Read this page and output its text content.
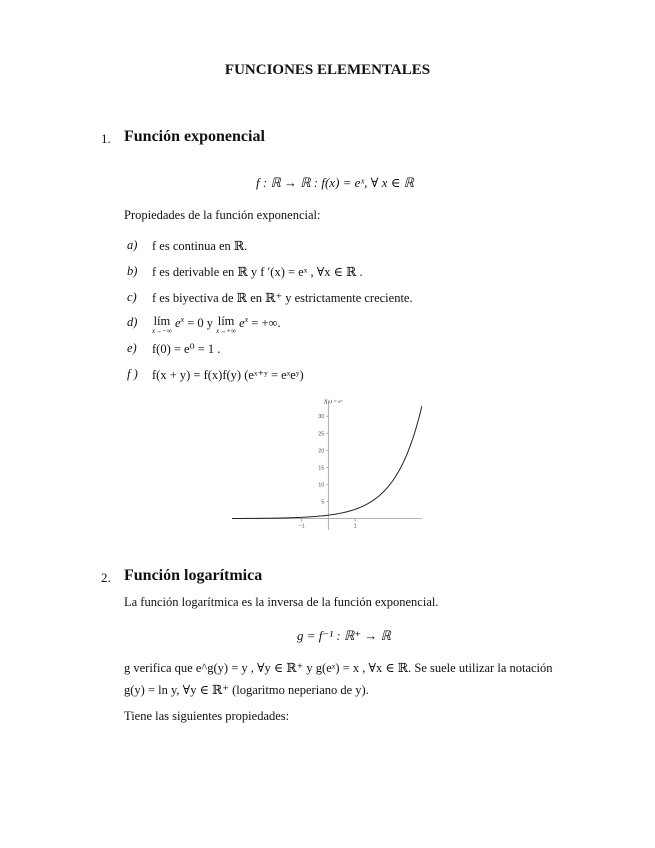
FUNCIONES ELEMENTALES
1. Función exponencial
f : ℝ → ℝ : f(x) = eˣ, ∀ x ∈ ℝ
Propiedades de la función exponencial:
a) f es continua en ℝ.
b) f es derivable en ℝ y f ′(x) = eˣ , ∀x ∈ ℝ .
c) f es biyectiva de ℝ en ℝ⁺ y estrictamente creciente.
d) lím
x→−∞
$e^x = 0$ y lím
x→+∞
$e^x$ = +∞.
e) f(0) = e⁰ = 1 .
f ) f(x + y) = f(x)f(y) (eˣ⁺ʸ = eˣeʸ)
−1	1
5
10
15
20
25
30
f(x) = eˣ
2. Función logarítmica
La función logarítmica es la inversa de la función exponencial.
g = f⁻¹ : ℝ⁺ → ℝ
g verifica que e^g(y) = y , ∀y ∈ ℝ⁺ y g(eˣ) = x , ∀x ∈ ℝ. Se suele utilizar la notación
g(y) = ln y, ∀y ∈ ℝ⁺ (logaritmo neperiano de y).
Tiene las siguientes propiedades:
